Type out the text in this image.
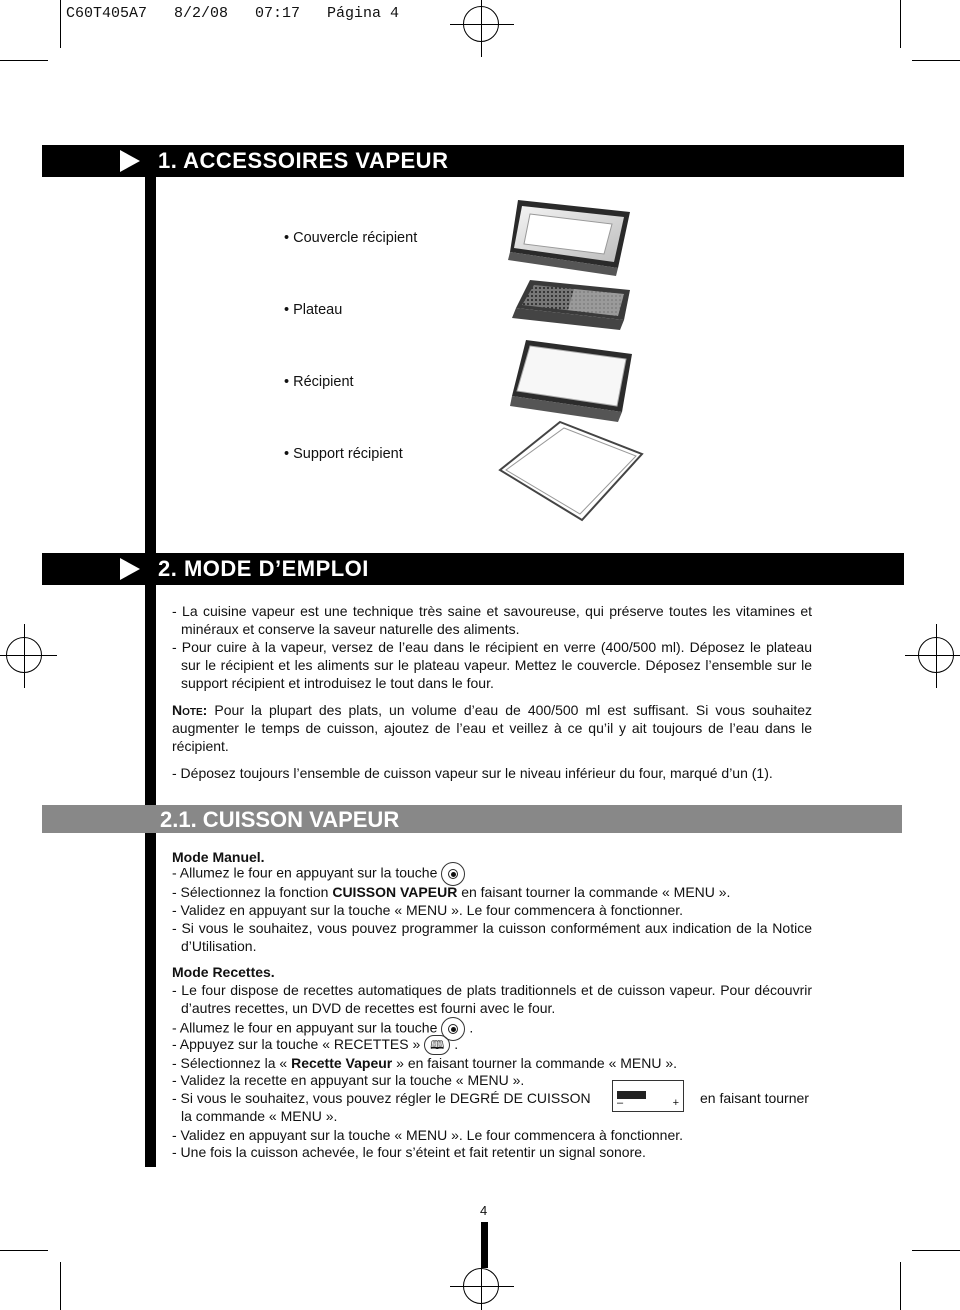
C60T405A7   8/2/08   07:17   Página 4
1. ACCESSOIRES VAPEUR
• Couvercle récipient
• Plateau
• Récipient
• Support récipient
2. MODE D’EMPLOI
- La cuisine vapeur est une technique très saine et savoureuse, qui préserve toutes les vitamines et minéraux et conserve la saveur naturelle des aliments.
- Pour cuire à la vapeur, versez de l’eau dans le récipient en verre (400/500 ml). Déposez le plateau sur le récipient et les aliments sur le plateau vapeur. Mettez le couvercle. Déposez l’ensemble sur le support récipient et introduisez le tout dans le four.
Note: Pour la plupart des plats, un volume d’eau de 400/500 ml est suffisant. Si vous souhaitez augmenter le temps de cuisson, ajoutez de l’eau et veillez à ce qu’il y ait toujours de l’eau dans le récipient.
- Déposez toujours l’ensemble de cuisson vapeur sur le niveau inférieur du four, marqué d’un (1).
2.1. CUISSON VAPEUR
Mode Manuel.
- Allumez le four en appuyant sur la touche
- Sélectionnez la fonction CUISSON VAPEUR en faisant tourner la commande « MENU ».
- Validez en appuyant sur la touche « MENU ». Le four commencera à fonctionner.
- Si vous le souhaitez, vous pouvez programmer la cuisson conformément aux indication de la Notice d’Utilisation.
Mode Recettes.
- Le four dispose de recettes automatiques de plats traditionnels et de cuisson vapeur. Pour découvrir d’autres recettes, un DVD de recettes est fourni avec le four.
- Allumez le four en appuyant sur la touche .
- Appuyez sur la touche « RECETTES » 🕮 .
- Sélectionnez la « Recette Vapeur » en faisant tourner la commande « MENU ».
- Validez la recette en appuyant sur la touche « MENU ».
- Si vous le souhaitez, vous pouvez régler le DEGRÉ DE CUISSON	en faisant tourner
la commande « MENU ».
–	+
- Validez en appuyant sur la touche « MENU ». Le four commencera à fonctionner.
- Une fois la cuisson achevée, le four s’éteint et fait retentir un signal sonore.
4
